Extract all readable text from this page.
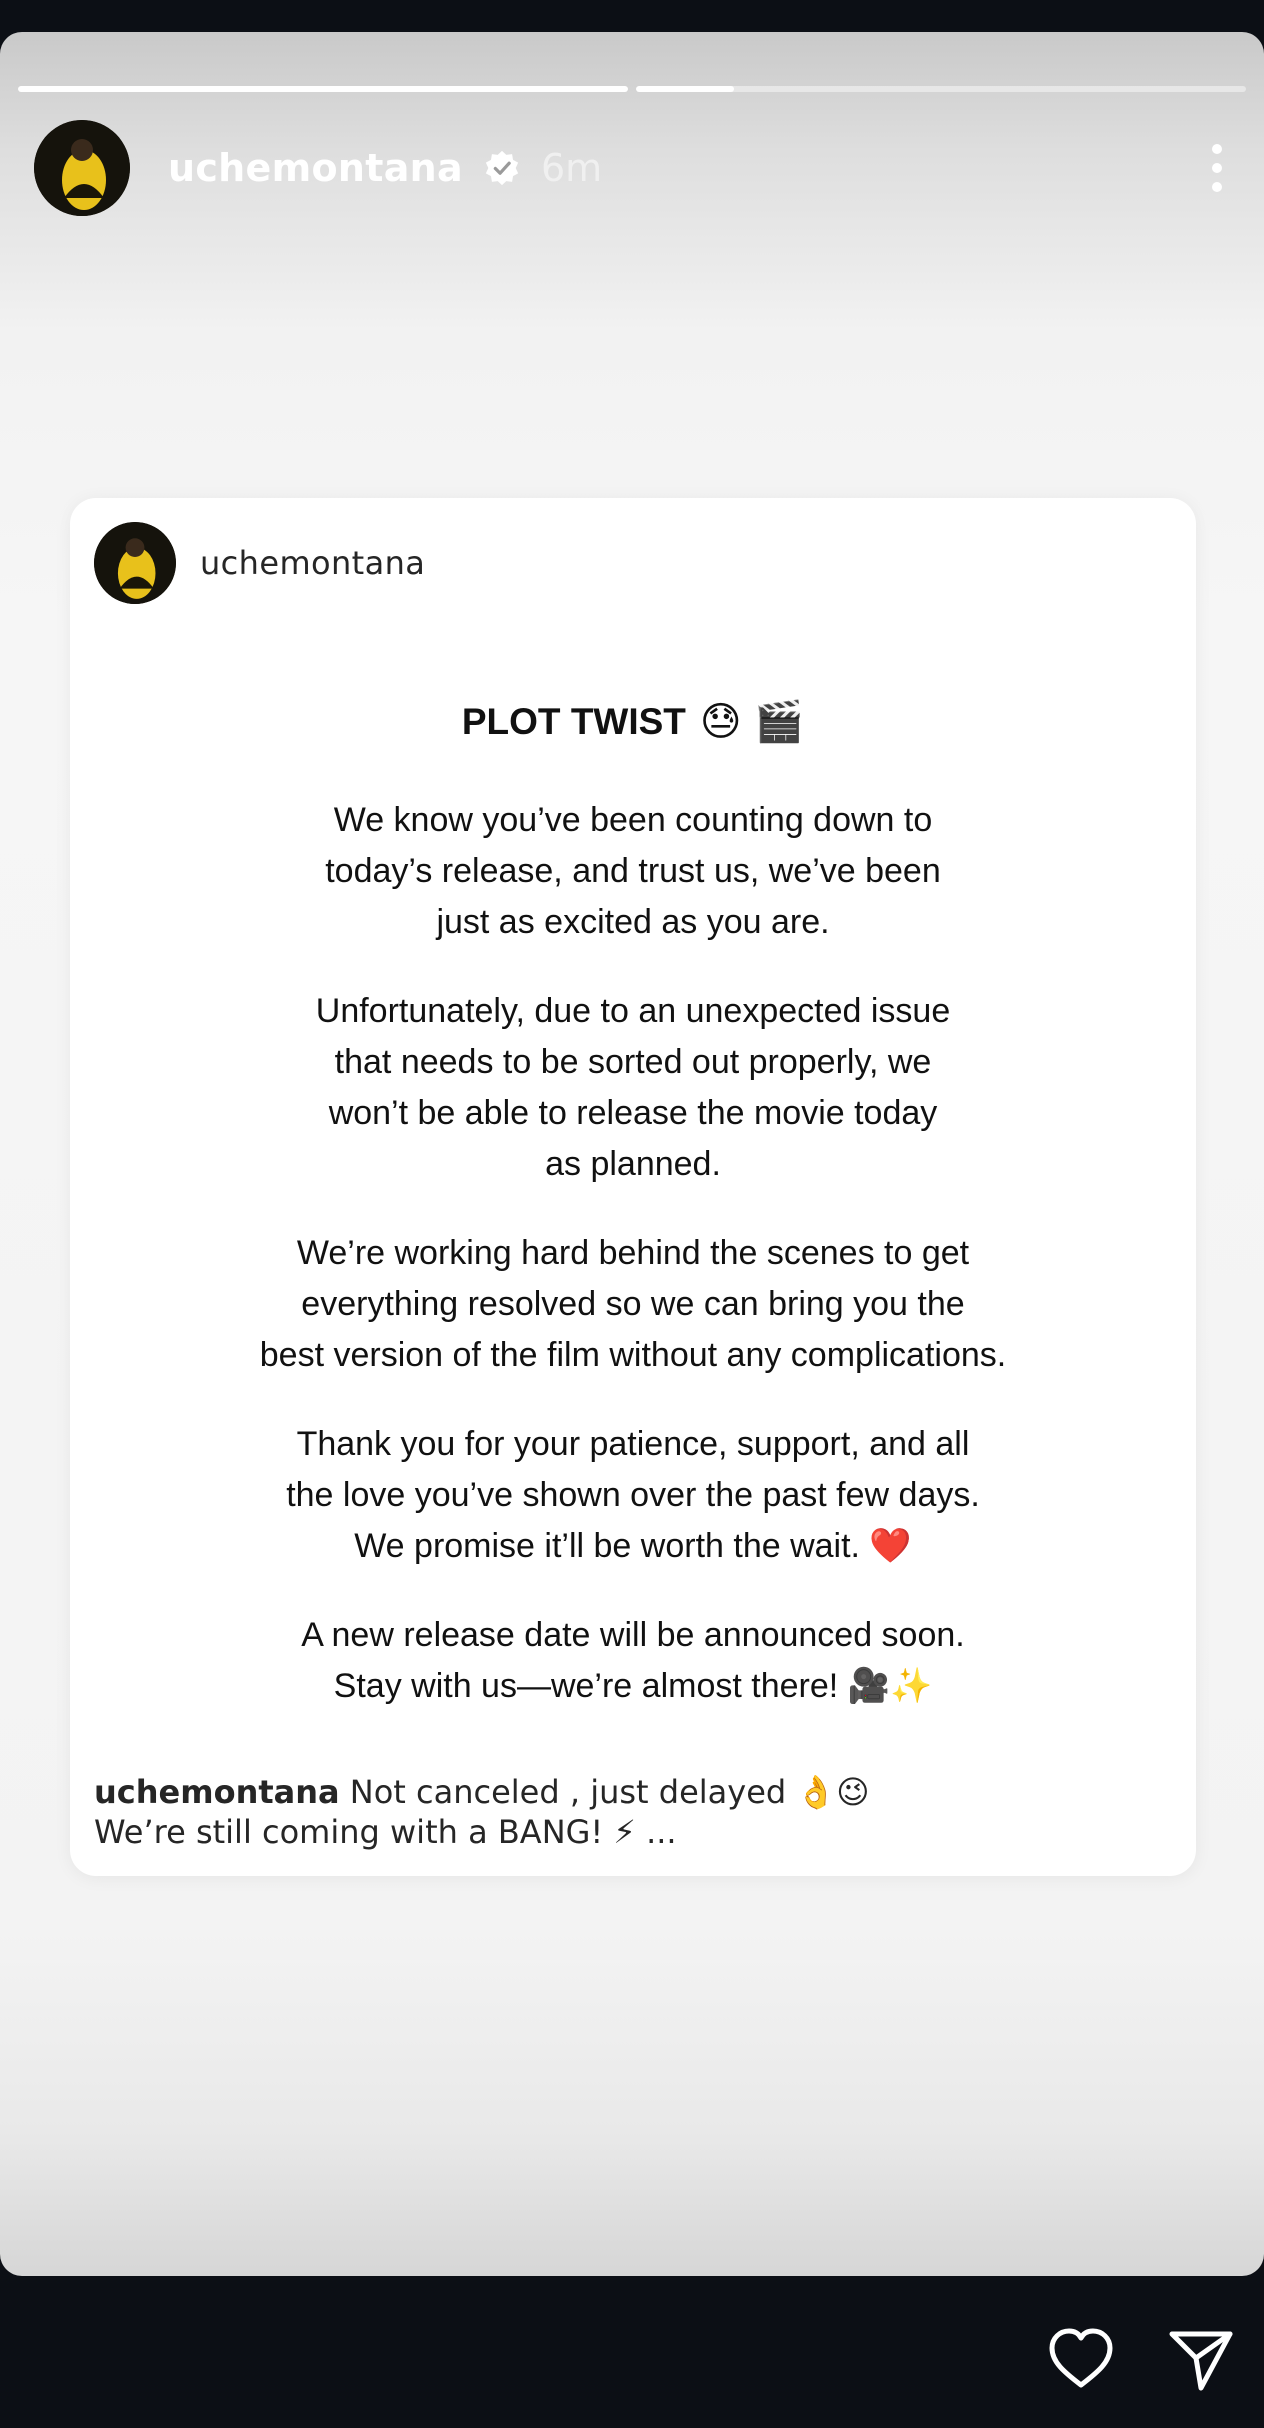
uchemontana 6m
uchemontana
PLOT TWIST 😓 🎬
We know you’ve been counting down to
today’s release, and trust us, we’ve been
just as excited as you are.
Unfortunately, due to an unexpected issue
that needs to be sorted out properly, we
won’t be able to release the movie today
as planned.
We’re working hard behind the scenes to get
everything resolved so we can bring you the
best version of the film without any complications.
Thank you for your patience, support, and all
the love you’ve shown over the past few days.
We promise it’ll be worth the wait. ❤️
A new release date will be announced soon.
Stay with us—we’re almost there! 🎥✨
uchemontana Not canceled , just delayed 👌😉
We’re still coming with a BANG! ⚡ ...
